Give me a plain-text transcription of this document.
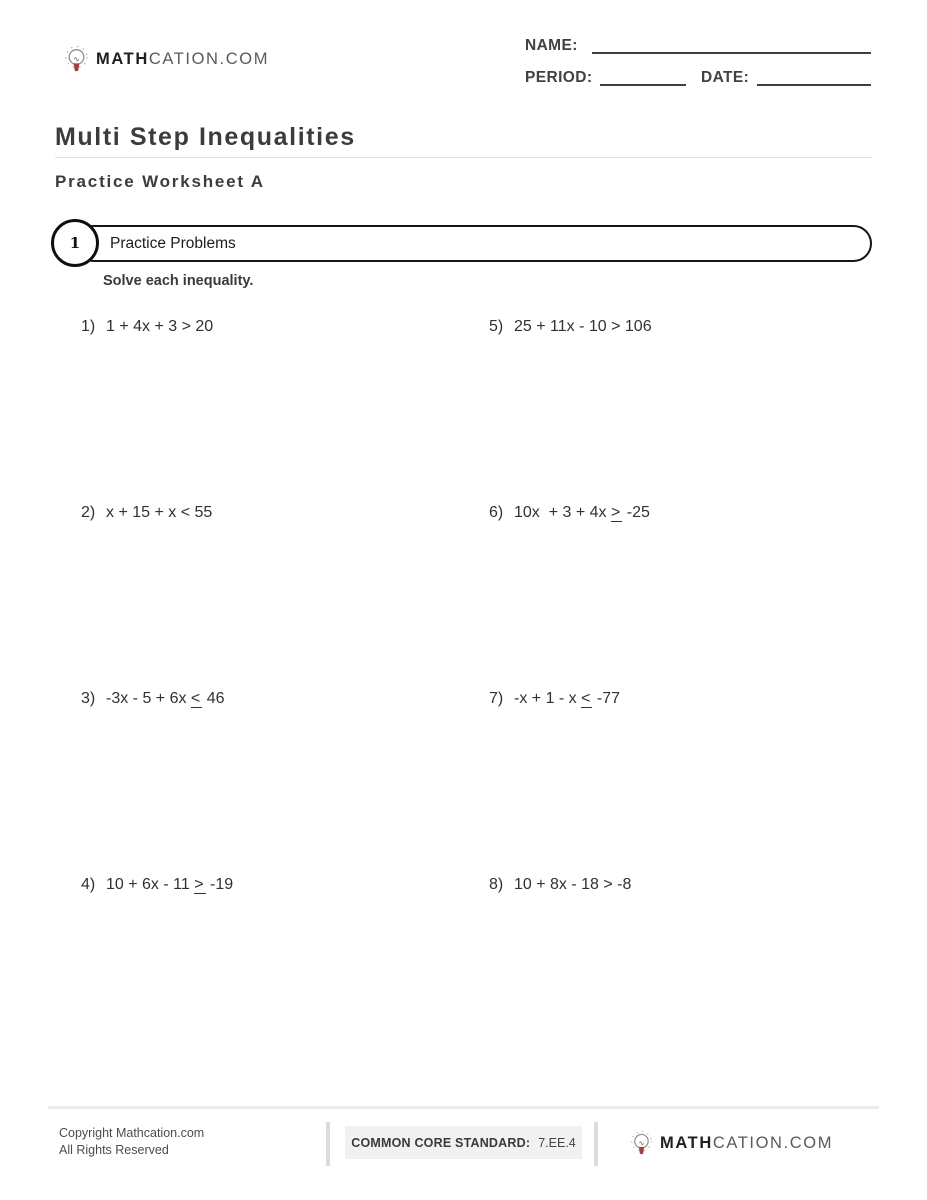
MATHCATION.COM
NAME:
PERIOD:	DATE:
Multi Step Inequalities
Practice Worksheet A
Practice Problems
1
Solve each inequality.
1) 1 + 4x + 3 > 20	5) 25 + 11x - 10 > 106
2) x + 15 + x < 55	6) 10x  + 3 + 4x > -25
3) -3x - 5 + 6x < 46	7) -x + 1 - x < -77
4) 10 + 6x - 11 > -19	8) 10 + 8x - 18 > -8
Copyright Mathcation.com
All Rights Reserved
COMMON CORE STANDARD: 7.EE.4	MATHCATION.COM
